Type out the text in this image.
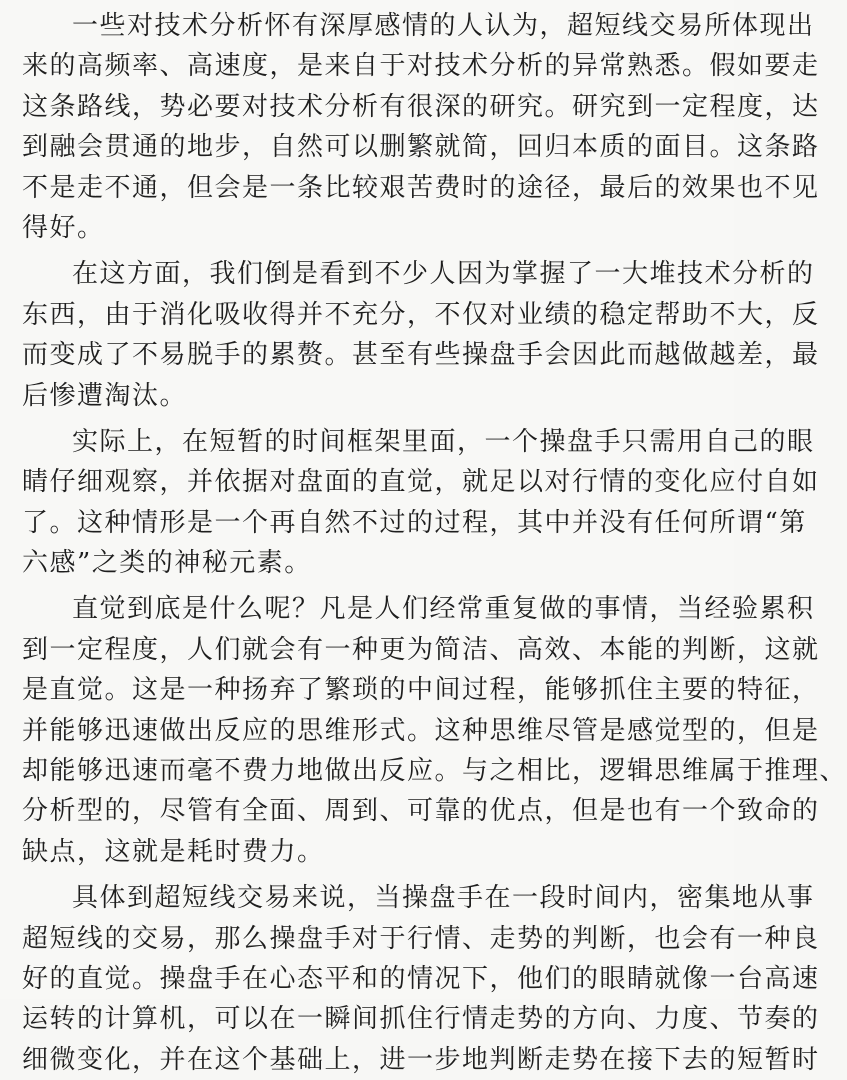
一些对技术分析怀有深厚感情的人认为，超短线交易所体现出
来的高频率、高速度，是来自于对技术分析的异常熟悉。假如要走
这条路线，势必要对技术分析有很深的研究。研究到一定程度，达
到融会贯通的地步，自然可以删繁就简，回归本质的面目。这条路
不是走不通，但会是一条比较艰苦费时的途径，最后的效果也不见
得好。
在这方面，我们倒是看到不少人因为掌握了一大堆技术分析的
东西，由于消化吸收得并不充分，不仅对业绩的稳定帮助不大，反
而变成了不易脱手的累赘。甚至有些操盘手会因此而越做越差，最
后惨遭淘汰。
实际上，在短暂的时间框架里面，一个操盘手只需用自己的眼
睛仔细观察，并依据对盘面的直觉，就足以对行情的变化应付自如
了。这种情形是一个再自然不过的过程，其中并没有任何所谓“第
六感”之类的神秘元素。
直觉到底是什么呢？凡是人们经常重复做的事情，当经验累积
到一定程度，人们就会有一种更为简洁、高效、本能的判断，这就
是直觉。这是一种扬弃了繁琐的中间过程，能够抓住主要的特征，
并能够迅速做出反应的思维形式。这种思维尽管是感觉型的，但是
却能够迅速而毫不费力地做出反应。与之相比，逻辑思维属于推理、
分析型的，尽管有全面、周到、可靠的优点，但是也有一个致命的
缺点，这就是耗时费力。
具体到超短线交易来说，当操盘手在一段时间内，密集地从事
超短线的交易，那么操盘手对于行情、走势的判断，也会有一种良
好的直觉。操盘手在心态平和的情况下，他们的眼睛就像一台高速
运转的计算机，可以在一瞬间抓住行情走势的方向、力度、节奏的
细微变化，并在这个基础上，进一步地判断走势在接下去的短暂时
